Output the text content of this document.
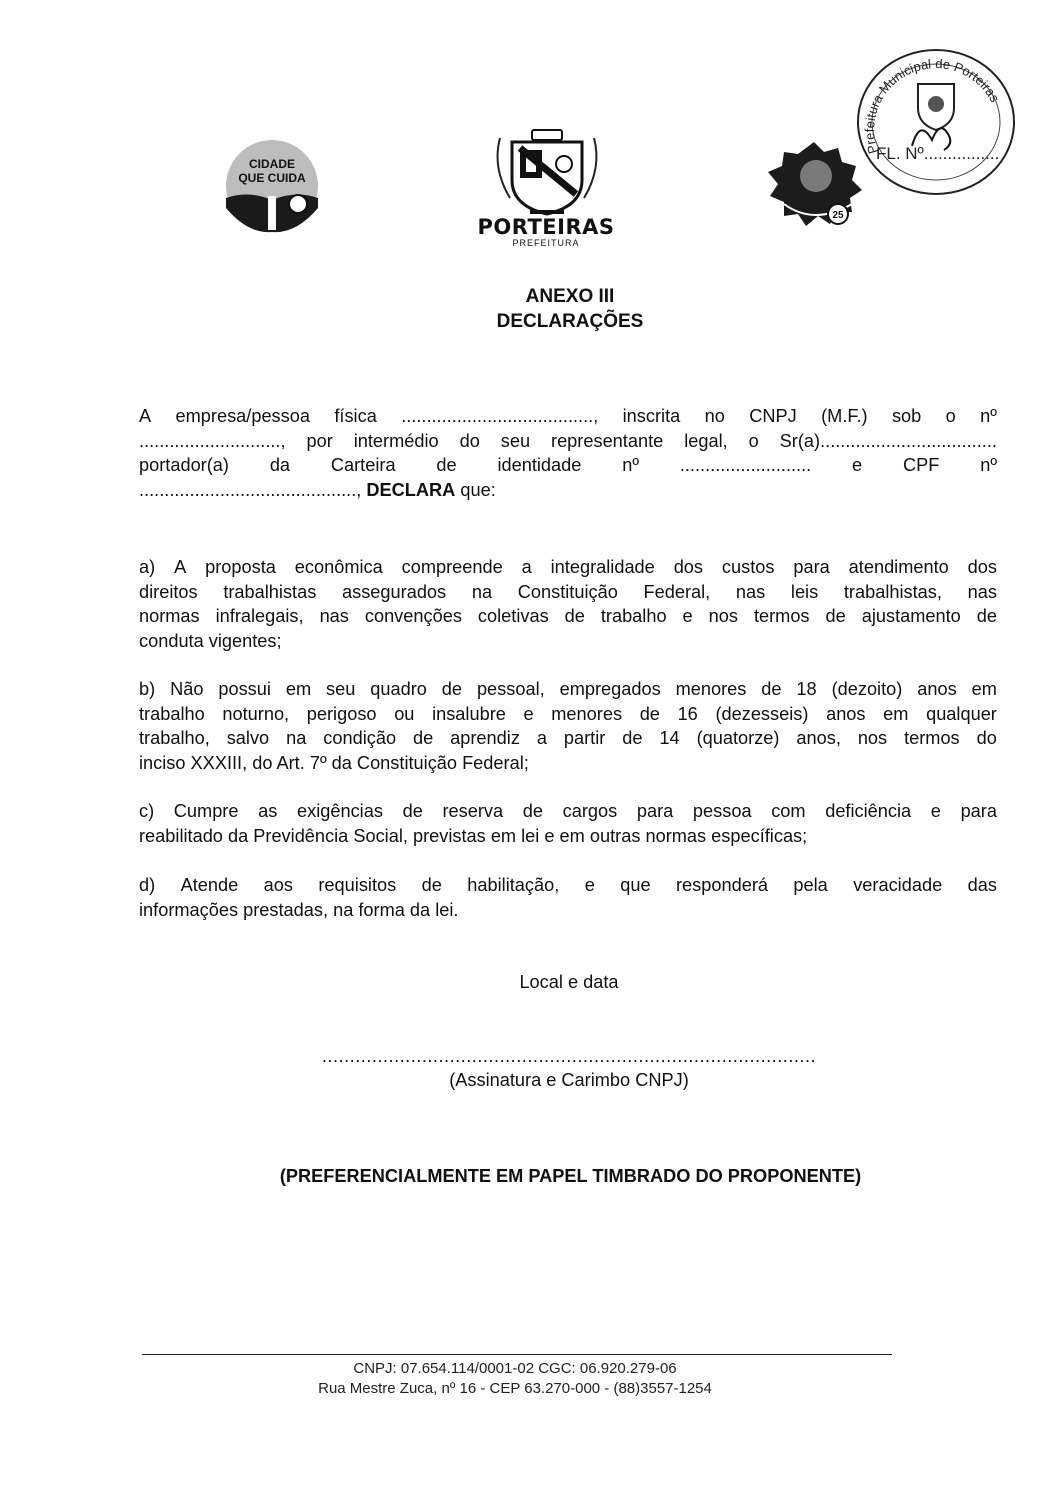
CIDADE
QUE CUIDA
PORTEIRAS
PREFEITURA
25
Prefeitura Municipal de Porteiras
FL. Nº................
ANEXO III
DECLARAÇÕES
A empresa/pessoa física ......................................, inscrita no CNPJ (M.F.) sob o nº
............................, por intermédio do seu representante legal, o Sr(a)...................................
portador(a) da Carteira de identidade nº .......................... e CPF nº
..........................................., DECLARA que:
a) A proposta econômica compreende a integralidade dos custos para atendimento dos
direitos trabalhistas assegurados na Constituição Federal, nas leis trabalhistas, nas
normas infralegais, nas convenções coletivas de trabalho e nos termos de ajustamento de
conduta vigentes;
b) Não possui em seu quadro de pessoal, empregados menores de 18 (dezoito) anos em
trabalho noturno, perigoso ou insalubre e menores de 16 (dezesseis) anos em qualquer
trabalho, salvo na condição de aprendiz a partir de 14 (quatorze) anos, nos termos do
inciso XXXIII, do Art. 7º da Constituição Federal;
c) Cumpre as exigências de reserva de cargos para pessoa com deficiência e para
reabilitado da Previdência Social, previstas em lei e em outras normas específicas;
d) Atende aos requisitos de habilitação, e que responderá pela veracidade das
informações prestadas, na forma da lei.
Local e data
.........................................................................................
(Assinatura e Carimbo CNPJ)
(PREFERENCIALMENTE EM PAPEL TIMBRADO DO PROPONENTE)
CNPJ: 07.654.114/0001-02 CGC: 06.920.279-06
Rua Mestre Zuca, nº 16 - CEP 63.270-000 - (88)3557-1254
